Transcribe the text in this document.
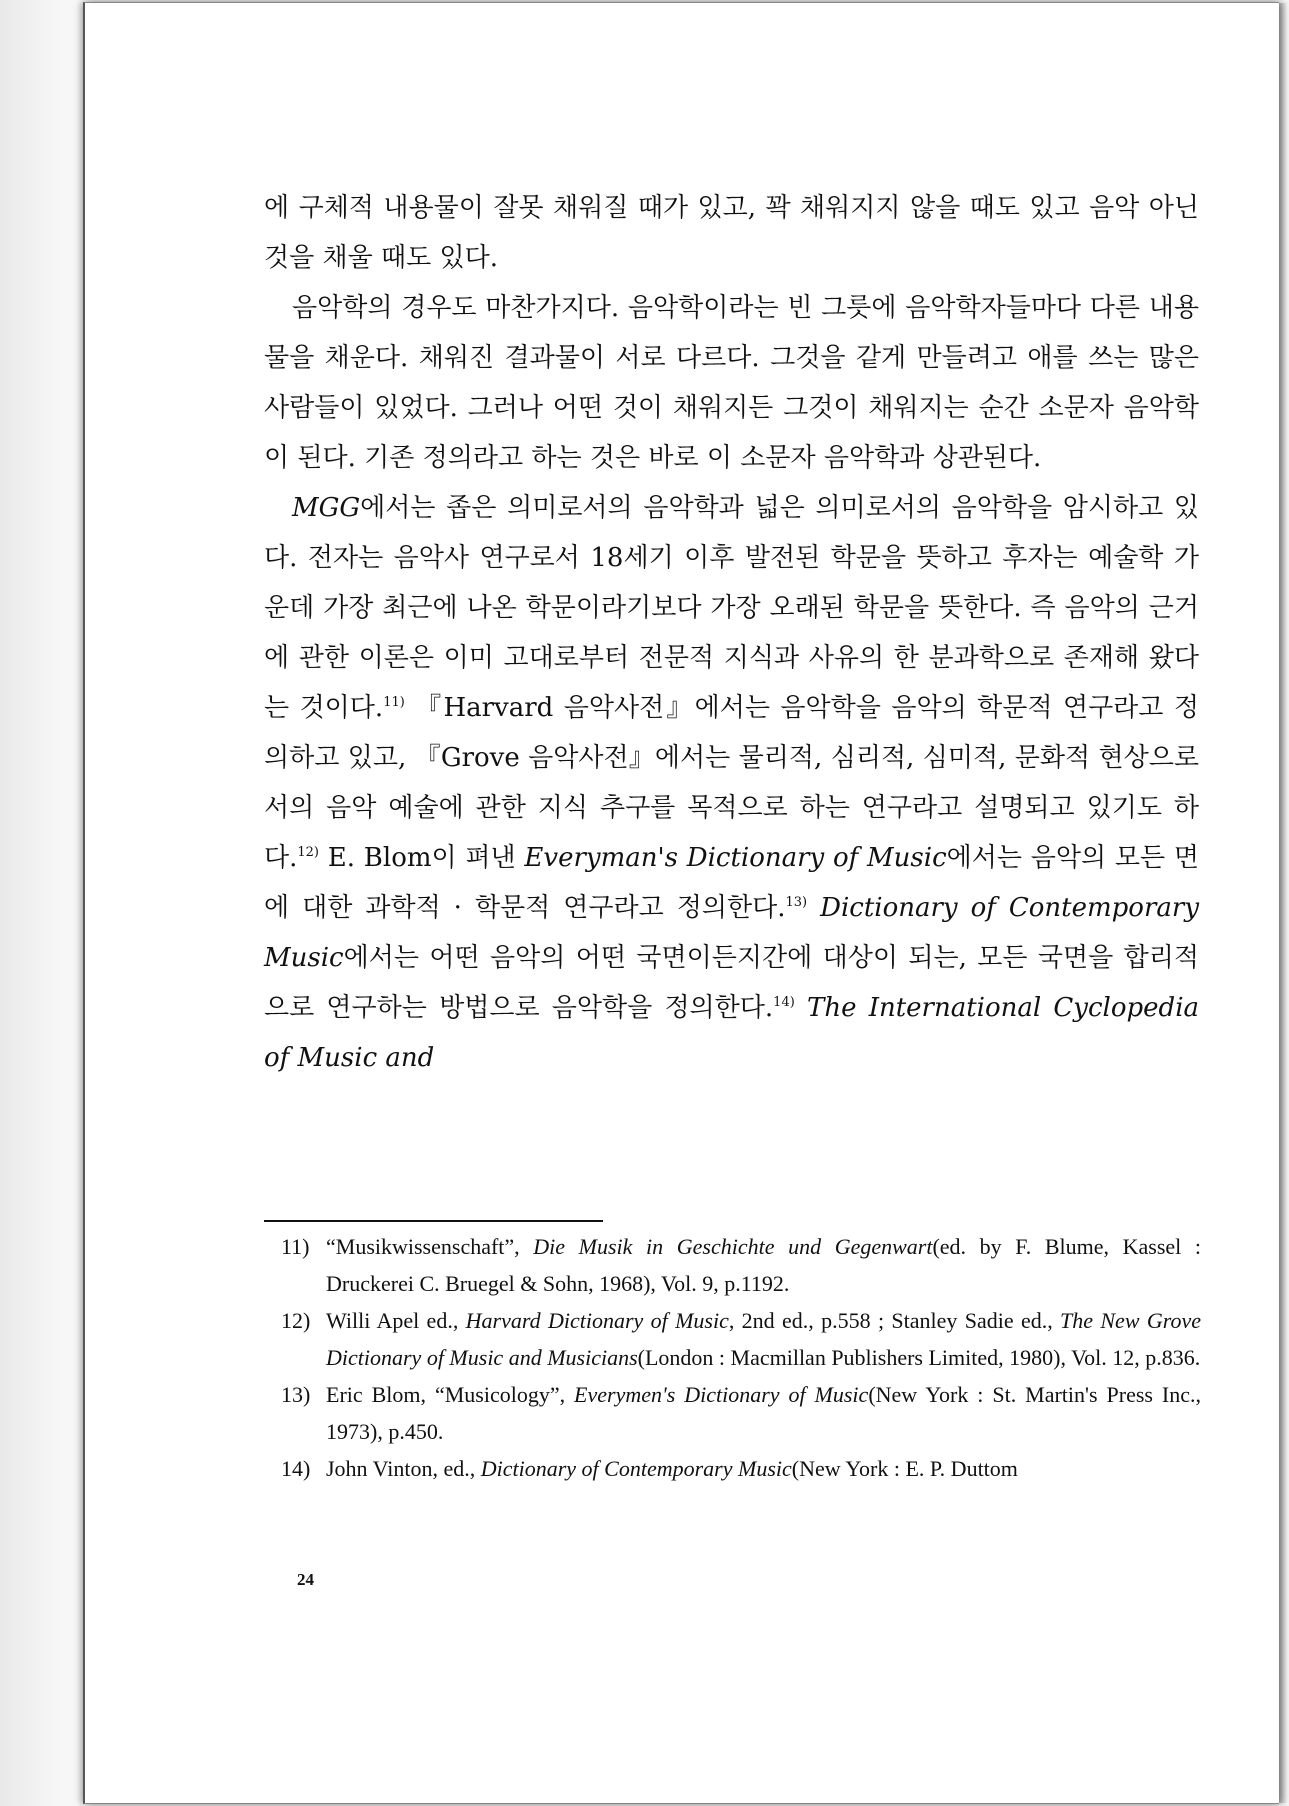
에 구체적 내용물이 잘못 채워질 때가 있고, 꽉 채워지지 않을 때도 있고 음악 아닌 것을 채울 때도 있다.

음악학의 경우도 마찬가지다. 음악학이라는 빈 그릇에 음악학자들마다 다른 내용물을 채운다. 채워진 결과물이 서로 다르다. 그것을 같게 만들려고 애를 쓰는 많은 사람들이 있었다. 그러나 어떤 것이 채워지든 그것이 채워지는 순간 소문자 음악학이 된다. 기존 정의라고 하는 것은 바로 이 소문자 음악학과 상관된다.

MGG에서는 좁은 의미로서의 음악학과 넓은 의미로서의 음악학을 암시하고 있다. 전자는 음악사 연구로서 18세기 이후 발전된 학문을 뜻하고 후자는 예술학 가운데 가장 최근에 나온 학문이라기보다 가장 오래된 학문을 뜻한다. 즉 음악의 근거에 관한 이론은 이미 고대로부터 전문적 지식과 사유의 한 분과학으로 존재해 왔다는 것이다.$^{11)}$ 『Harvard 음악사전』에서는 음악학을 음악의 학문적 연구라고 정의하고 있고, 『Grove 음악사전』에서는 물리적, 심리적, 심미적, 문화적 현상으로서의 음악 예술에 관한 지식 추구를 목적으로 하는 연구라고 설명되고 있기도 하다.$^{12)}$ E. Blom이 펴낸 Everyman's Dictionary of Music에서는 음악의 모든 면에 대한 과학적 · 학문적 연구라고 정의한다.$^{13)}$ Dictionary of Contemporary Music에서는 어떤 음악의 어떤 국면이든지간에 대상이 되는, 모든 국면을 합리적으로 연구하는 방법으로 음악학을 정의한다.$^{14)}$ The International Cyclopedia of Music and

11) “Musikwissenschaft”, Die Musik in Geschichte und Gegenwart(ed. by F. Blume, Kassel : Druckerei C. Bruegel & Sohn, 1968), Vol. 9, p.1192.

12) Willi Apel ed., Harvard Dictionary of Music, 2nd ed., p.558 ; Stanley Sadie ed., The New Grove Dictionary of Music and Musicians(London : Macmillan Publishers Limited, 1980), Vol. 12, p.836.

13) Eric Blom, “Musicology”, Everymen's Dictionary of Music(New York : St. Martin's Press Inc., 1973), p.450.

14) John Vinton, ed., Dictionary of Contemporary Music(New York : E. P. Duttom

24
